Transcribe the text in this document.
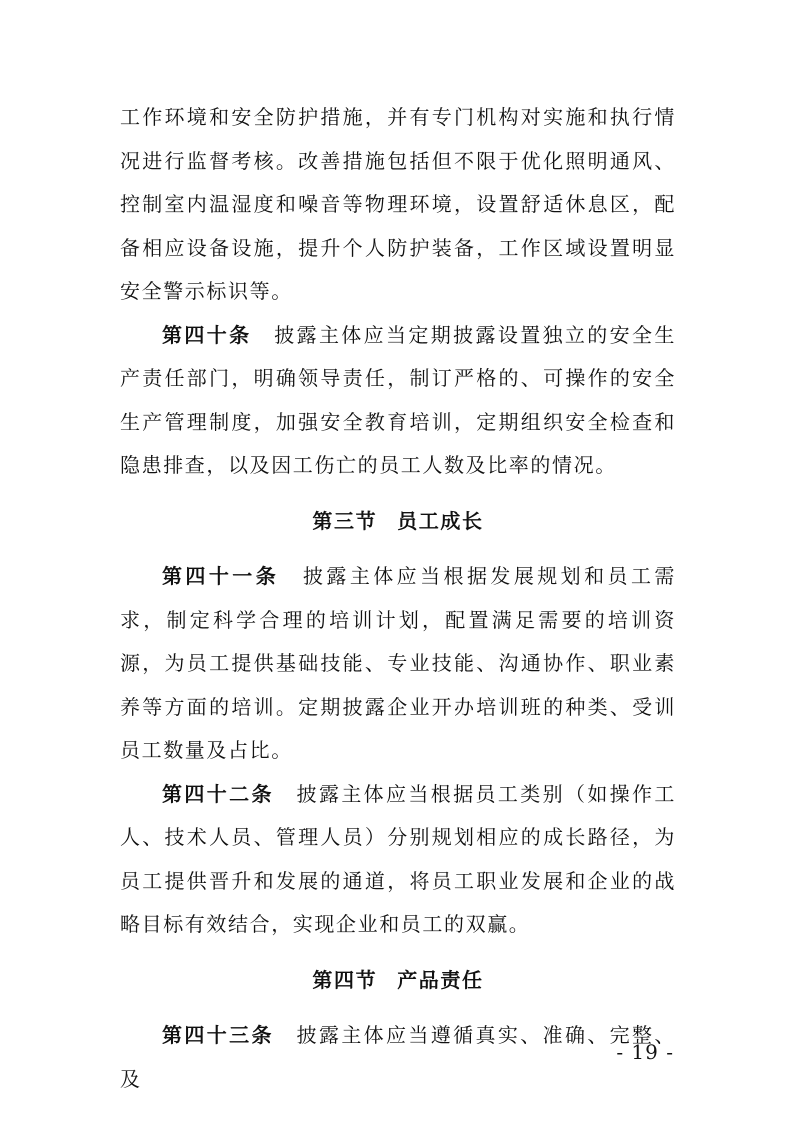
工作环境和安全防护措施，并有专门机构对实施和执行情况进行监督考核。改善措施包括但不限于优化照明通风、控制室内温湿度和噪音等物理环境，设置舒适休息区，配备相应设备设施，提升个人防护装备，工作区域设置明显安全警示标识等。

第四十条 披露主体应当定期披露设置独立的安全生产责任部门，明确领导责任，制订严格的、可操作的安全生产管理制度，加强安全教育培训，定期组织安全检查和隐患排查，以及因工伤亡的员工人数及比率的情况。

第三节 员工成长

第四十一条 披露主体应当根据发展规划和员工需求，制定科学合理的培训计划，配置满足需要的培训资源，为员工提供基础技能、专业技能、沟通协作、职业素养等方面的培训。定期披露企业开办培训班的种类、受训员工数量及占比。

第四十二条 披露主体应当根据员工类别（如操作工人、技术人员、管理人员）分别规划相应的成长路径，为员工提供晋升和发展的通道，将员工职业发展和企业的战略目标有效结合，实现企业和员工的双赢。

第四节 产品责任

第四十三条 披露主体应当遵循真实、准确、完整、及

- 19 -
